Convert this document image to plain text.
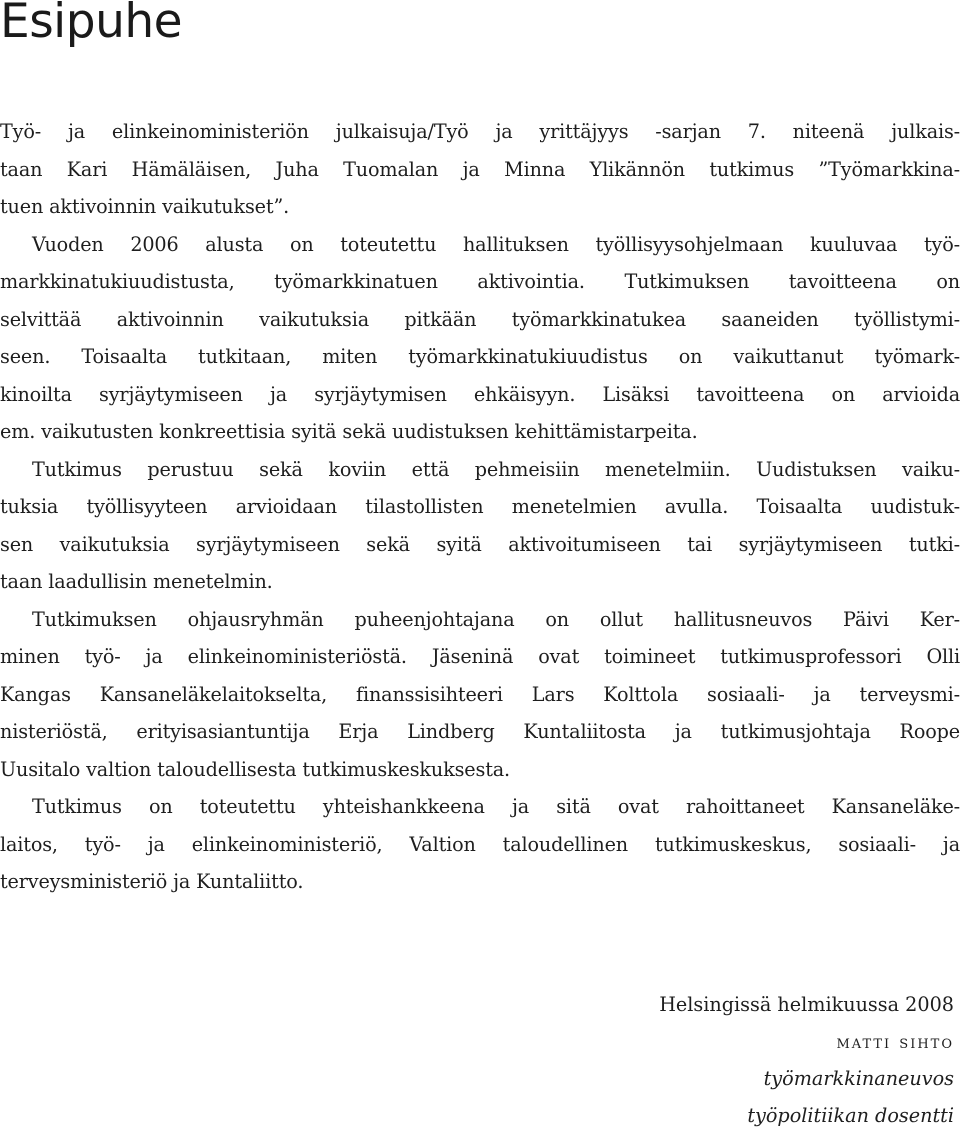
Esipuhe
Työ- ja elinkeinoministeriön julkaisuja/Työ ja yrittäjyys -sarjan 7. niteenä julkais-
taan Kari Hämäläisen, Juha Tuomalan ja Minna Ylikännön tutkimus ”Työmarkkina-
tuen aktivoinnin vaikutukset”.
Vuoden 2006 alusta on toteutettu hallituksen työllisyysohjelmaan kuuluvaa työ-
markkinatukiuudistusta, työmarkkinatuen aktivointia. Tutkimuksen tavoitteena on
selvittää aktivoinnin vaikutuksia pitkään työmarkkinatukea saaneiden työllistymi-
seen. Toisaalta tutkitaan, miten työmarkkinatukiuudistus on vaikuttanut työmark-
kinoilta syrjäytymiseen ja syrjäytymisen ehkäisyyn. Lisäksi tavoitteena on arvioida
em. vaikutusten konkreettisia syitä sekä uudistuksen kehittämistarpeita.
Tutkimus perustuu sekä koviin että pehmeisiin menetelmiin. Uudistuksen vaiku-
tuksia työllisyyteen arvioidaan tilastollisten menetelmien avulla. Toisaalta uudistuk-
sen vaikutuksia syrjäytymiseen sekä syitä aktivoitumiseen tai syrjäytymiseen tutki-
taan laadullisin menetelmin.
Tutkimuksen ohjausryhmän puheenjohtajana on ollut hallitusneuvos Päivi Ker-
minen työ- ja elinkeinoministeriöstä. Jäseninä ovat toimineet tutkimusprofessori Olli
Kangas Kansaneläkelaitokselta, finanssisihteeri Lars Kolttola sosiaali- ja terveysmi-
nisteriöstä, erityisasiantuntija Erja Lindberg Kuntaliitosta ja tutkimusjohtaja Roope
Uusitalo valtion taloudellisesta tutkimuskeskuksesta.
Tutkimus on toteutettu yhteishankkeena ja sitä ovat rahoittaneet Kansaneläke-
laitos, työ- ja elinkeinoministeriö, Valtion taloudellinen tutkimuskeskus, sosiaali- ja
terveysministeriö ja Kuntaliitto.
Helsingissä helmikuussa 2008
matti sihto
työmarkkinaneuvos
työpolitiikan dosentti
